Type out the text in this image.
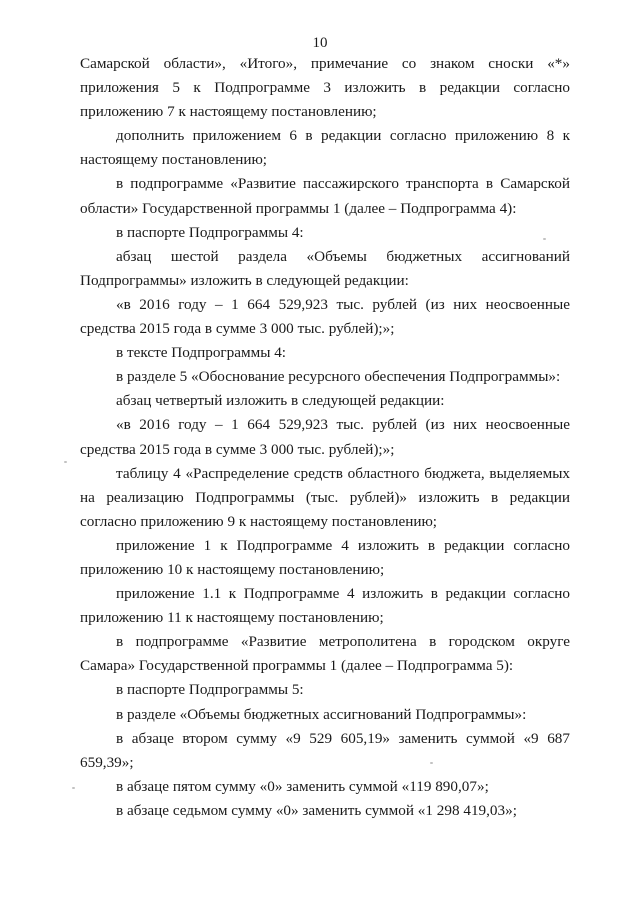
10

Самарской области», «Итого», примечание со знаком сноски «*» приложения 5 к Подпрограмме 3 изложить в редакции согласно приложению 7 к настоящему постановлению;

дополнить приложением 6 в редакции согласно приложению 8 к настоящему постановлению;

в подпрограмме «Развитие пассажирского транспорта в Самарской области» Государственной программы 1 (далее – Подпрограмма 4):

в паспорте Подпрограммы 4:

абзац шестой раздела «Объемы бюджетных ассигнований Подпрограммы» изложить в следующей редакции:

«в 2016 году – 1 664 529,923 тыс. рублей (из них неосвоенные средства 2015 года в сумме 3 000 тыс. рублей);»;

в тексте Подпрограммы 4:

в разделе 5 «Обоснование ресурсного обеспечения Подпрограммы»:

абзац четвертый изложить в следующей редакции:

«в 2016 году – 1 664 529,923 тыс. рублей (из них неосвоенные средства 2015 года в сумме 3 000 тыс. рублей);»;

таблицу 4 «Распределение средств областного бюджета, выделяемых на реализацию Подпрограммы (тыс. рублей)» изложить в редакции согласно приложению 9 к настоящему постановлению;

приложение 1 к Подпрограмме 4 изложить в редакции согласно приложению 10 к настоящему постановлению;

приложение 1.1 к Подпрограмме 4 изложить в редакции согласно приложению 11 к настоящему постановлению;

в подпрограмме «Развитие метрополитена в городском округе Самара» Государственной программы 1 (далее – Подпрограмма 5):

в паспорте Подпрограммы 5:

в разделе «Объемы бюджетных ассигнований Подпрограммы»:

в абзаце втором сумму «9 529 605,19» заменить суммой «9 687 659,39»;

в абзаце пятом сумму «0» заменить суммой «119 890,07»;

в абзаце седьмом сумму «0» заменить суммой «1 298 419,03»;
